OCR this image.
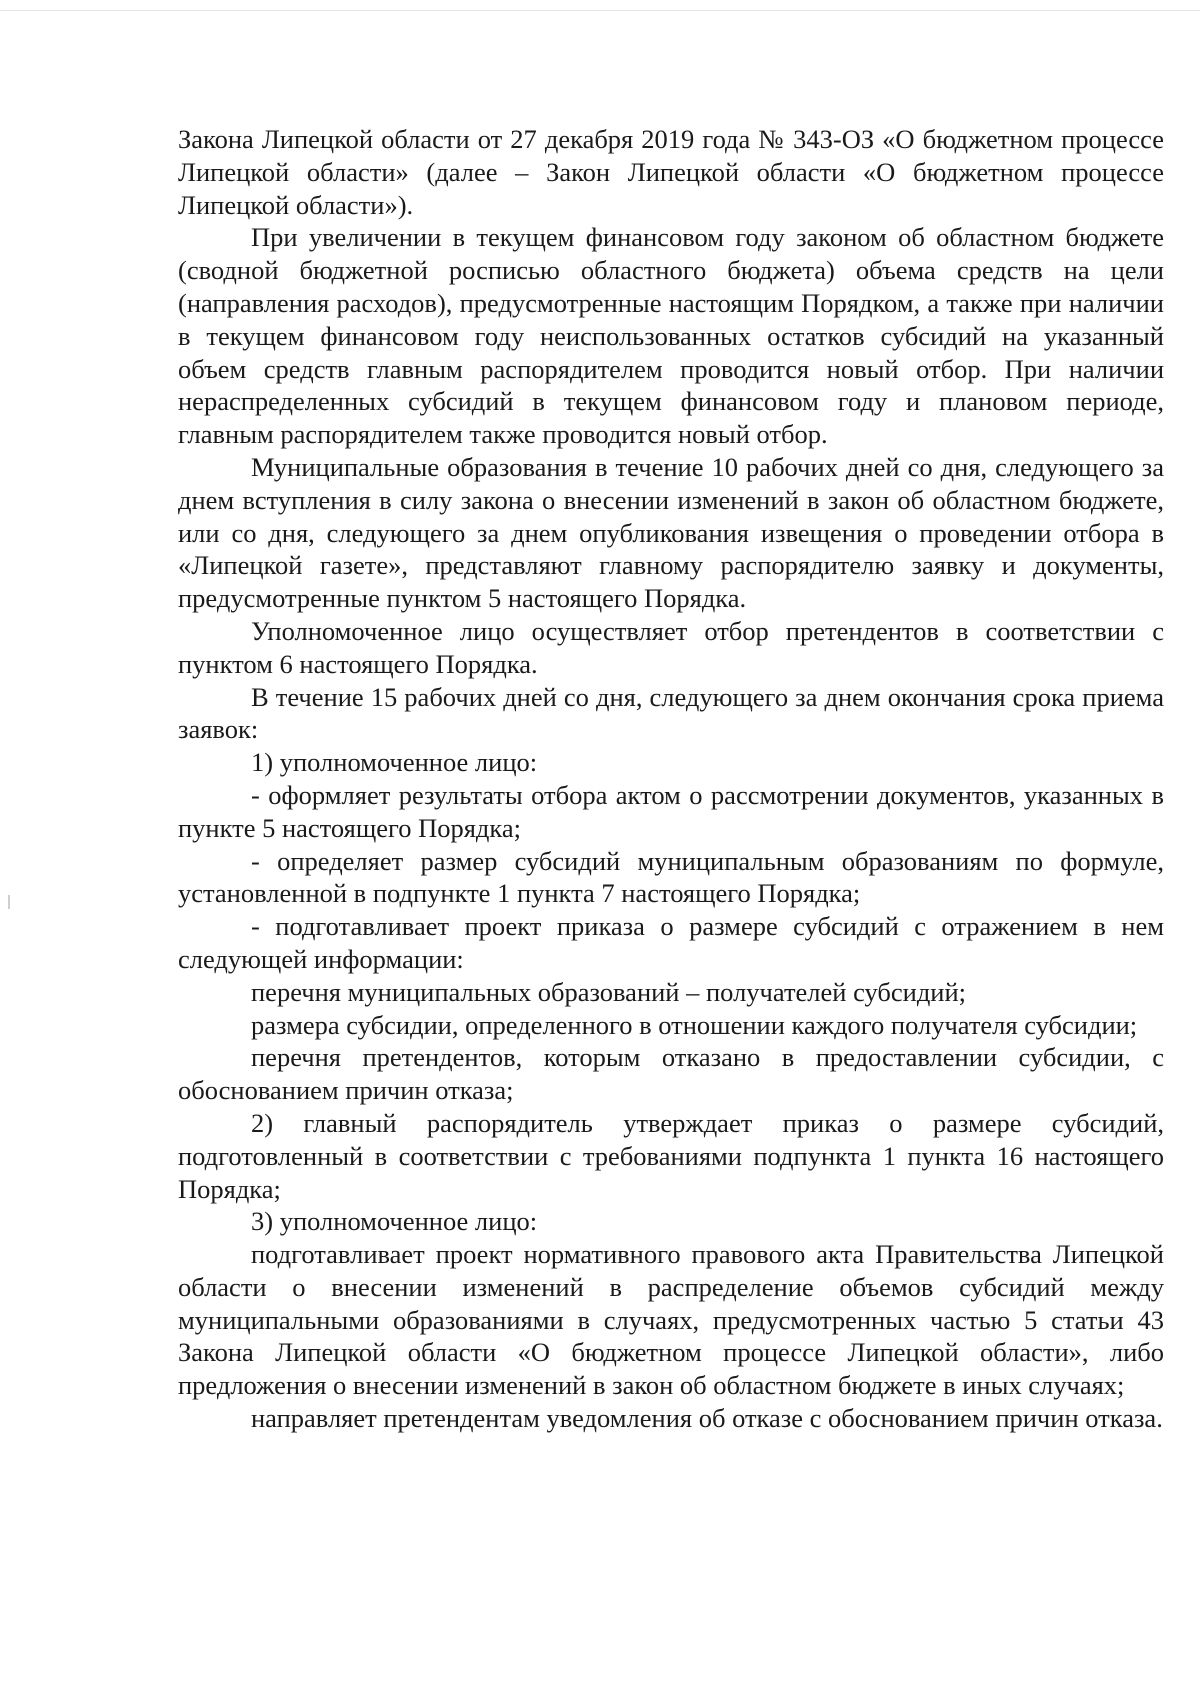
Закона Липецкой области от 27 декабря 2019 года № 343-ОЗ «О бюджетном процессе Липецкой области» (далее – Закон Липецкой области «О бюджетном процессе Липецкой области»).

При увеличении в текущем финансовом году законом об областном бюджете (сводной бюджетной росписью областного бюджета) объема средств на цели (направления расходов), предусмотренные настоящим Порядком, а также при наличии в текущем финансовом году неиспользованных остатков субсидий на указанный объем средств главным распорядителем проводится новый отбор. При наличии нераспределенных субсидий в текущем финансовом году и плановом периоде, главным распорядителем также проводится новый отбор.

Муниципальные образования в течение 10 рабочих дней со дня, следующего за днем вступления в силу закона о внесении изменений в закон об областном бюджете, или со дня, следующего за днем опубликования извещения о проведении отбора в «Липецкой газете», представляют главному распорядителю заявку и документы, предусмотренные пунктом 5 настоящего Порядка.

Уполномоченное лицо осуществляет отбор претендентов в соответствии с пунктом 6 настоящего Порядка.

В течение 15 рабочих дней со дня, следующего за днем окончания срока приема заявок:

1) уполномоченное лицо:

- оформляет результаты отбора актом о рассмотрении документов, указанных в пункте 5 настоящего Порядка;

- определяет размер субсидий муниципальным образованиям по формуле, установленной в подпункте 1 пункта 7 настоящего Порядка;

- подготавливает проект приказа о размере субсидий с отражением в нем следующей информации:

перечня муниципальных образований – получателей субсидий;

размера субсидии, определенного в отношении каждого получателя субсидии;

перечня претендентов, которым отказано в предоставлении субсидии, с обоснованием причин отказа;

2) главный распорядитель утверждает приказ о размере субсидий, подготовленный в соответствии с требованиями подпункта 1 пункта 16 настоящего Порядка;

3) уполномоченное лицо:

подготавливает проект нормативного правового акта Правительства Липецкой области о внесении изменений в распределение объемов субсидий между муниципальными образованиями в случаях, предусмотренных частью 5 статьи 43 Закона Липецкой области «О бюджетном процессе Липецкой области», либо предложения о внесении изменений в закон об областном бюджете в иных случаях;

направляет претендентам уведомления об отказе с обоснованием причин отказа.
